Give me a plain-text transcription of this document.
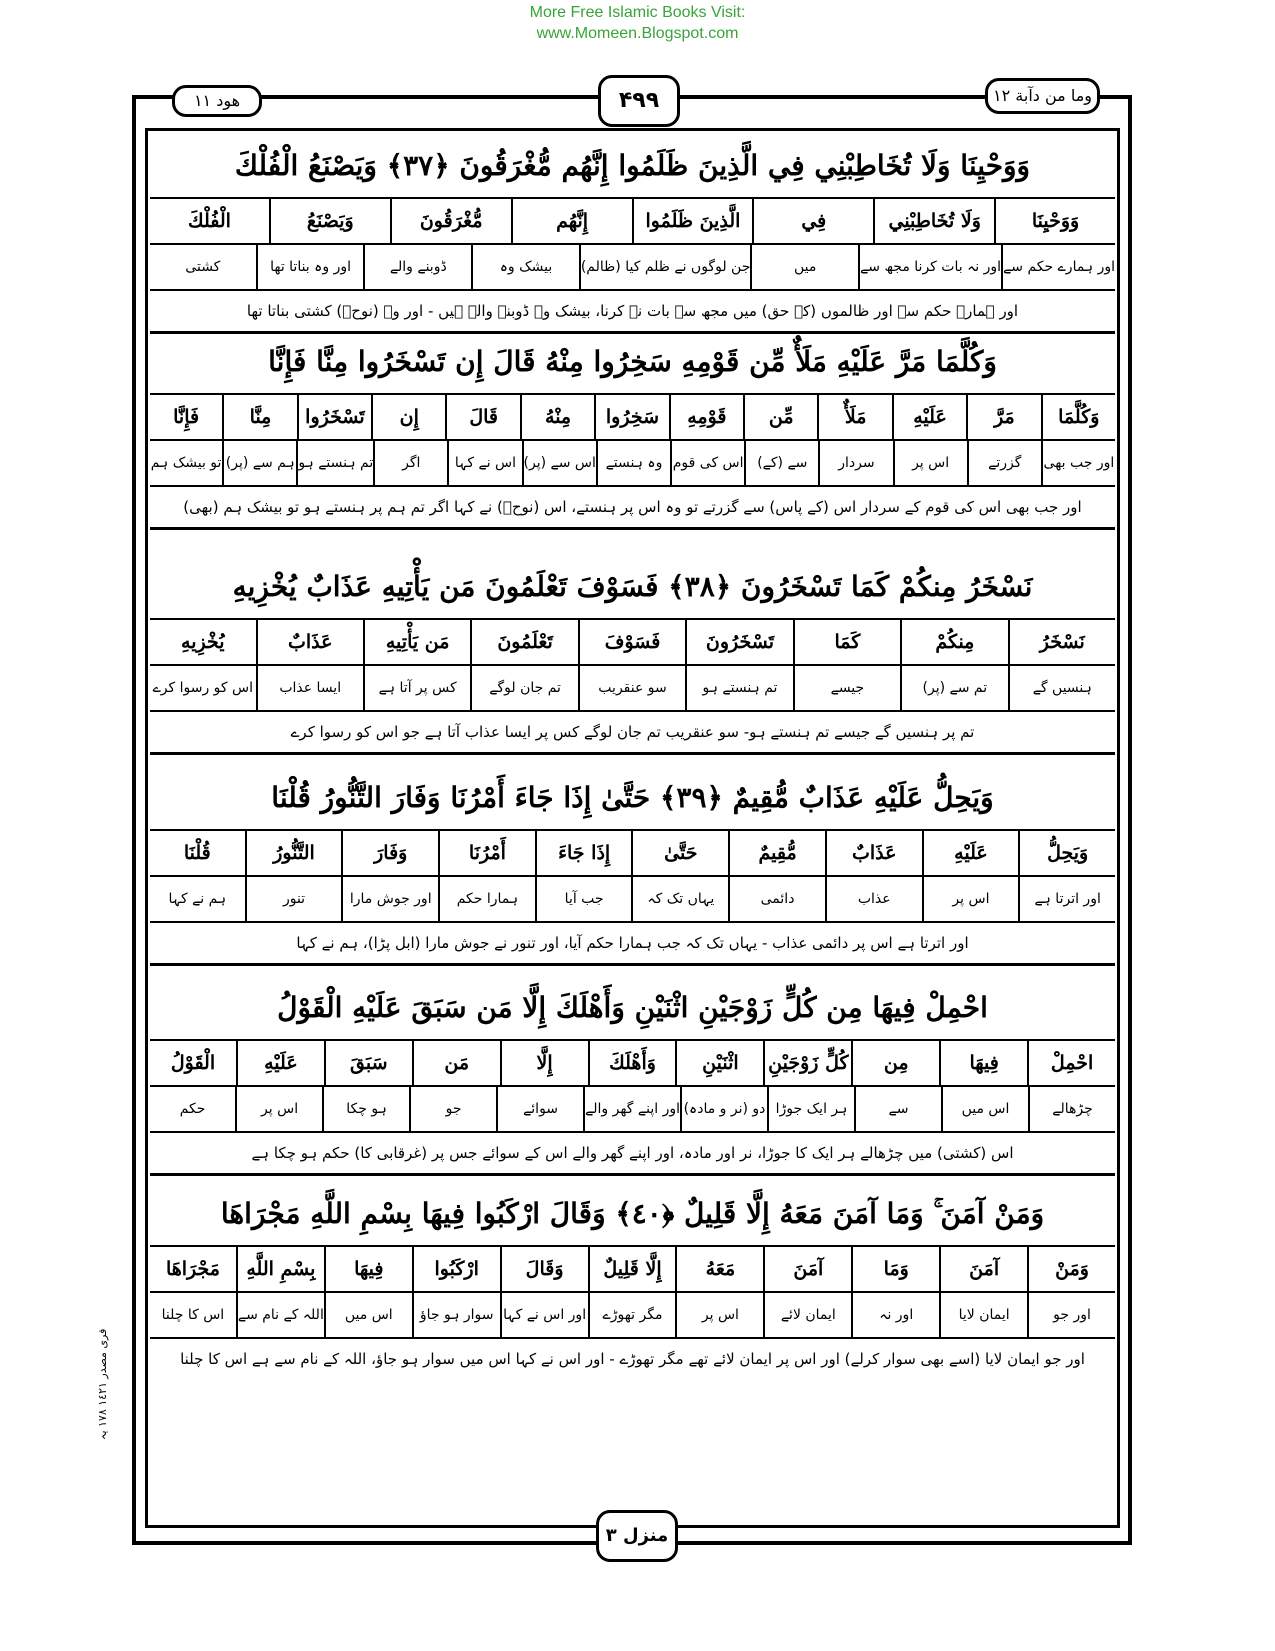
More Free Islamic Books Visit:
www.Momeen.Blogspot.com
هود ١١	۴۹۹	وما من دآبة ١٢
وَوَحْيِنَا وَلَا تُخَاطِبْنِي فِي الَّذِينَ ظَلَمُوا إِنَّهُم مُّغْرَقُونَ ﴿٣٧﴾ وَيَصْنَعُ الْفُلْكَ
وَوَحْيِنَا
وَلَا تُخَاطِبْنِي
فِي
الَّذِينَ ظَلَمُوا
إِنَّهُم
مُّغْرَقُونَ
وَيَصْنَعُ
الْفُلْكَ
اور ہمارے حکم سے
اور نہ بات کرنا مجھ سے
میں
جن لوگوں نے ظلم کیا (ظالم)
بیشک وہ
ڈوبنے والے
اور وہ بناتا تھا
کشتی
اور ہمارے حکم سے اور ظالموں (کے حق) میں مجھ سے بات نہ کرنا، بیشک وہ ڈوبنے والے ہیں - اور وہ (نوحؑ) کشتی بناتا تھا
وَكُلَّمَا مَرَّ عَلَيْهِ مَلَأٌ مِّن قَوْمِهِ سَخِرُوا مِنْهُ قَالَ إِن تَسْخَرُوا مِنَّا فَإِنَّا
وَكُلَّمَا
مَرَّ
عَلَيْهِ
مَلَأٌ
مِّن
قَوْمِهِ
سَخِرُوا
مِنْهُ
قَالَ
إِن
تَسْخَرُوا
مِنَّا
فَإِنَّا
اور جب بھی
گزرتے
اس پر
سردار
سے (کے)
اس کی قوم
وہ ہنستے
اس سے (پر)
اس نے کہا
اگر
تم ہنستے ہو
ہم سے (پر)
تو بیشک ہم
اور جب بھی اس کی قوم کے سردار اس (کے پاس) سے گزرتے تو وہ اس پر ہنستے، اس (نوحؑ) نے کہا اگر تم ہم پر ہنستے ہو تو بیشک ہم (بھی)
نَسْخَرُ مِنكُمْ كَمَا تَسْخَرُونَ ﴿٣٨﴾ فَسَوْفَ تَعْلَمُونَ مَن يَأْتِيهِ عَذَابٌ يُخْزِيهِ
نَسْخَرُ
مِنكُمْ
كَمَا
تَسْخَرُونَ
فَسَوْفَ
تَعْلَمُونَ
مَن يَأْتِيهِ
عَذَابٌ
يُخْزِيهِ
ہنسیں گے
تم سے (پر)
جیسے
تم ہنستے ہو
سو عنقریب
تم جان لوگے
کس پر آتا ہے
ایسا عذاب
اس کو رسوا کرے
تم پر ہنسیں گے جیسے تم ہنستے ہو- سو عنقریب تم جان لوگے کس پر ایسا عذاب آتا ہے جو اس کو رسوا کرے
وَيَحِلُّ عَلَيْهِ عَذَابٌ مُّقِيمٌ ﴿٣٩﴾ حَتَّىٰ إِذَا جَاءَ أَمْرُنَا وَفَارَ التَّنُّورُ قُلْنَا
وَيَحِلُّ
عَلَيْهِ
عَذَابٌ
مُّقِيمٌ
حَتَّىٰ
إِذَا جَاءَ
أَمْرُنَا
وَفَارَ
التَّنُّورُ
قُلْنَا
اور اترتا ہے
اس پر
عذاب
دائمی
یہاں تک کہ
جب آیا
ہمارا حکم
اور جوش مارا
تنور
ہم نے کہا
اور اترتا ہے اس پر دائمی عذاب - یہاں تک کہ جب ہمارا حکم آیا، اور تنور نے جوش مارا (ابل پڑا)، ہم نے کہا
احْمِلْ فِيهَا مِن كُلٍّ زَوْجَيْنِ اثْنَيْنِ وَأَهْلَكَ إِلَّا مَن سَبَقَ عَلَيْهِ الْقَوْلُ
احْمِلْ
فِيهَا
مِن
كُلٍّ زَوْجَيْنِ
اثْنَيْنِ
وَأَهْلَكَ
إِلَّا
مَن
سَبَقَ
عَلَيْهِ
الْقَوْلُ
چڑھالے
اس میں
سے
ہر ایک جوڑا
دو (نر و مادہ)
اور اپنے گھر والے
سوائے
جو
ہو چکا
اس پر
حکم
اس (کشتی) میں چڑھالے ہر ایک کا جوڑا، نر اور مادہ، اور اپنے گھر والے اس کے سوائے جس پر (غرقابی کا) حکم ہو چکا ہے
وَمَنْ آمَنَ ۚ وَمَا آمَنَ مَعَهُ إِلَّا قَلِيلٌ ﴿٤٠﴾ وَقَالَ ارْكَبُوا فِيهَا بِسْمِ اللَّهِ مَجْرَاهَا
وَمَنْ
آمَنَ
وَمَا
آمَنَ
مَعَهُ
إِلَّا قَلِيلٌ
وَقَالَ
ارْكَبُوا
فِيهَا
بِسْمِ اللَّهِ
مَجْرَاهَا
اور جو
ایمان لایا
اور نہ
ایمان لائے
اس پر
مگر تھوڑے
اور اس نے کہا
سوار ہو جاؤ
اس میں
اللہ کے نام سے
اس کا چلنا
اور جو ایمان لایا (اسے بھی سوار کرلے) اور اس پر ایمان لائے تھے مگر تھوڑے - اور اس نے کہا اس میں سوار ہو جاؤ، اللہ کے نام سے ہے اس کا چلنا
منزل ٣
فری مصدر ١٤٢١ ١٧٨ یہ
